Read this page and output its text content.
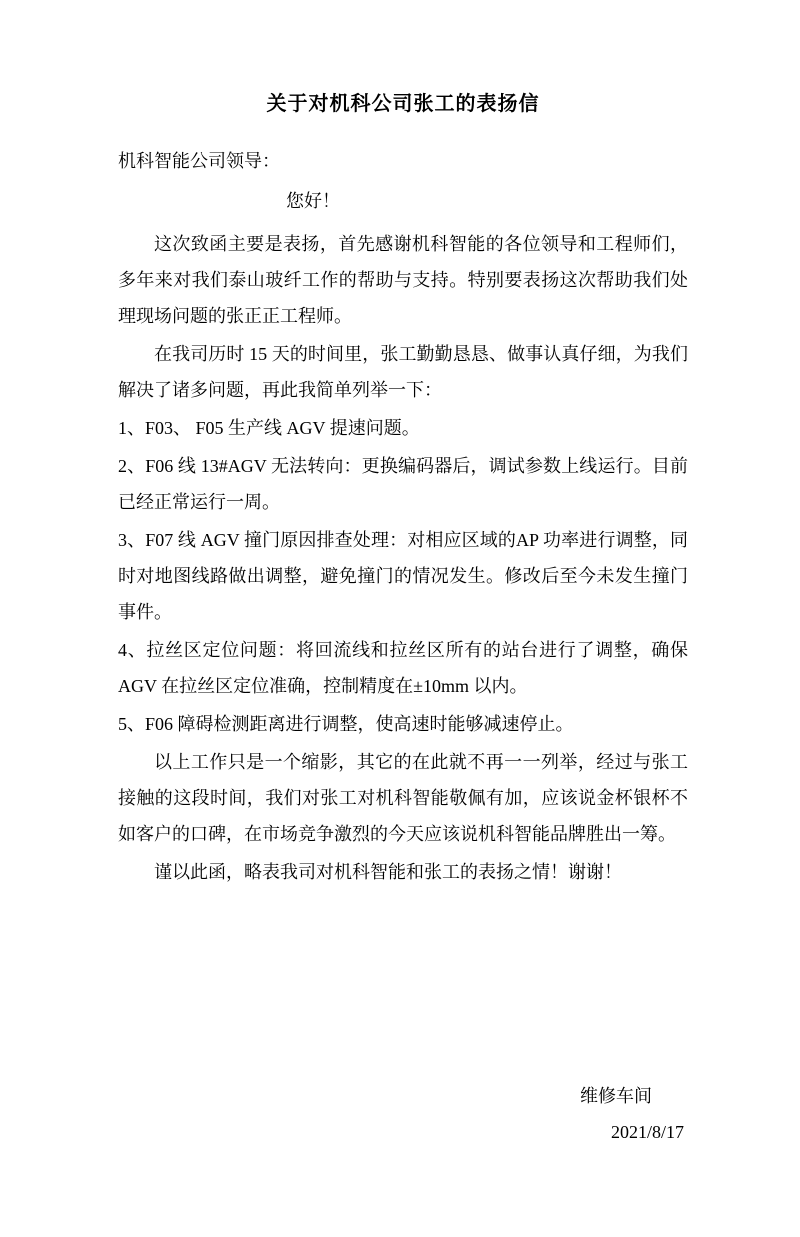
关于对机科公司张工的表扬信

机科智能公司领导：

您好！

这次致函主要是表扬，首先感谢机科智能的各位领导和工程师们，多年来对我们泰山玻纤工作的帮助与支持。特别要表扬这次帮助我们处理现场问题的张正正工程师。

在我司历时 15 天的时间里，张工勤勤恳恳、做事认真仔细，为我们解决了诸多问题，再此我简单列举一下：

1、F03、 F05 生产线 AGV 提速问题。

2、F06 线 13#AGV 无法转向：更换编码器后，调试参数上线运行。目前已经正常运行一周。

3、F07 线 AGV 撞门原因排查处理：对相应区域的AP 功率进行调整，同时对地图线路做出调整，避免撞门的情况发生。修改后至今未发生撞门事件。

4、拉丝区定位问题：将回流线和拉丝区所有的站台进行了调整，确保 AGV 在拉丝区定位准确，控制精度在±10mm 以内。

5、F06 障碍检测距离进行调整，使高速时能够减速停止。

以上工作只是一个缩影，其它的在此就不再一一列举，经过与张工接触的这段时间，我们对张工对机科智能敬佩有加，应该说金杯银杯不如客户的口碑，在市场竞争激烈的今天应该说机科智能品牌胜出一筹。

谨以此函，略表我司对机科智能和张工的表扬之情！谢谢！

维修车间
2021/8/17
